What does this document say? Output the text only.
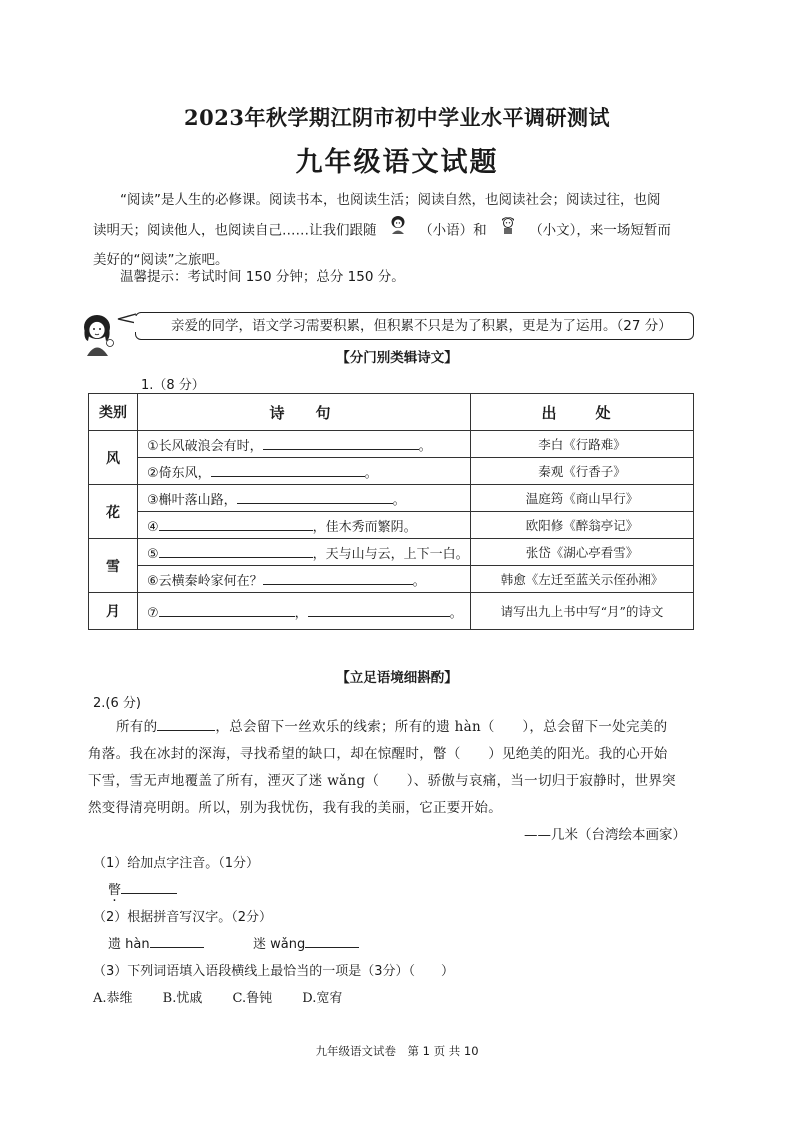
2023年秋学期江阴市初中学业水平调研测试
九年级语文试题
“阅读”是人生的必修课。阅读书本，也阅读生活；阅读自然，也阅读社会；阅读过往，也阅
读明天；阅读他人，也阅读自己……让我们跟随	（小语）和	（小文），来一场短暂而
美好的“阅读”之旅吧。
温馨提示：考试时间 150 分钟；总分 150 分。
亲爱的同学，语文学习需要积累，但积累不只是为了积累，更是为了运用。（27 分）
【分门别类辑诗文】
1.（8 分）
类别	诗　句	出　处
风	①长风破浪会有时， 。	李白《行路难》
	②倚东风， 。	秦观《行香子》
花	③槲叶落山路， 。	温庭筠《商山早行》
	④ ，佳木秀而繁阴。	欧阳修《醉翁亭记》
雪	⑤ ，天与山与云，上下一白。	张岱《湖心亭看雪》
	⑥云横秦岭家何在？ 。	韩愈《左迁至蓝关示侄孙湘》
月	⑦ ， 。	请写出九上书中写“月”的诗文
【立足语境细斟酌】
2.(6 分)
所有的	，总会留下一丝欢乐的线索；所有的遗 hàn（　　），总会留下一处完美的
角落。我在冰封的深海，寻找希望的缺口，却在惊醒时，瞥（　　）见绝美的阳光。我的心开始
下雪，雪无声地覆盖了所有，湮灭了迷 wǎng（　　）、骄傲与哀痛，当一切归于寂静时，世界突
然变得清亮明朗。所以，别为我忧伤，我有我的美丽，它正要开始。
——几米（台湾绘本画家）
（1）给加点字注音。（1分）
瞥
（2）根据拼音写汉字。（2分）
遗 hàn	迷 wǎng
（3）下列词语填入语段横线上最恰当的一项是（3分）（　　）
A.恭维 B.忧戚 C.鲁钝 D.宽宥
九年级语文试卷　第 1 页 共 10
